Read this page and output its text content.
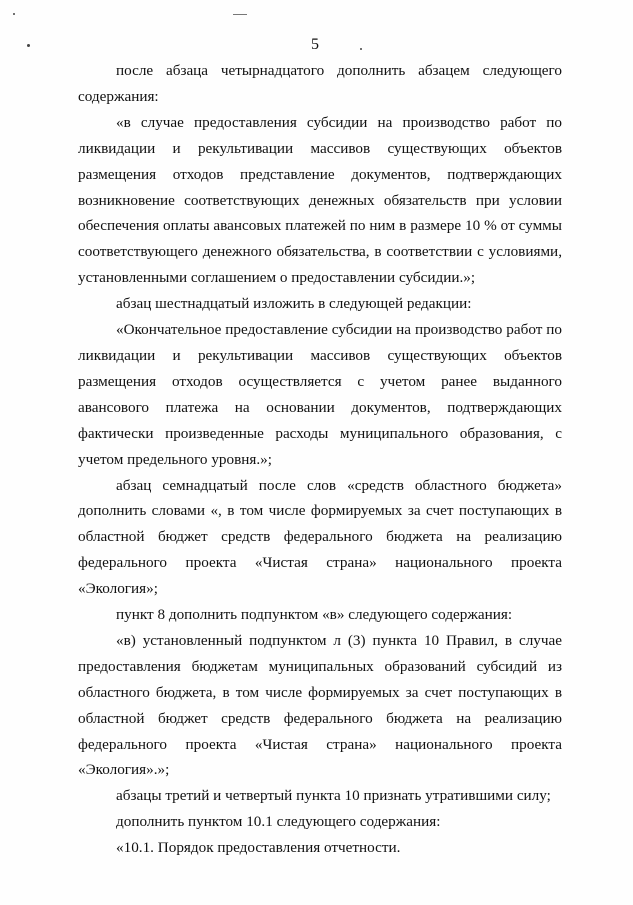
5

после абзаца четырнадцатого дополнить абзацем следующего содержания:

«в случае предоставления субсидии на производство работ по ликвидации и рекультивации массивов существующих объектов размещения отходов представление документов, подтверждающих возникновение соответствующих денежных обязательств при условии обеспечения оплаты авансовых платежей по ним в размере 10 % от суммы соответствующего денежного обязательства, в соответствии с условиями, установленными соглашением о предоставлении субсидии.»;

абзац шестнадцатый изложить в следующей редакции:

«Окончательное предоставление субсидии на производство работ по ликвидации и рекультивации массивов существующих объектов размещения отходов осуществляется с учетом ранее выданного авансового платежа на основании документов, подтверждающих фактически произведенные расходы муниципального образования, с учетом предельного уровня.»;

абзац семнадцатый после слов «средств областного бюджета» дополнить словами «, в том числе формируемых за счет поступающих в областной бюджет средств федерального бюджета на реализацию федерального проекта «Чистая страна» национального проекта «Экология»;

пункт 8 дополнить подпунктом «в» следующего содержания:

«в) установленный подпунктом л (3) пункта 10 Правил, в случае предоставления бюджетам муниципальных образований субсидий из областного бюджета, в том числе формируемых за счет поступающих в областной бюджет средств федерального бюджета на реализацию федерального проекта «Чистая страна» национального проекта «Экология».»;

абзацы третий и четвертый пункта 10 признать утратившими силу;

дополнить пунктом 10.1 следующего содержания:

«10.1. Порядок предоставления отчетности.
